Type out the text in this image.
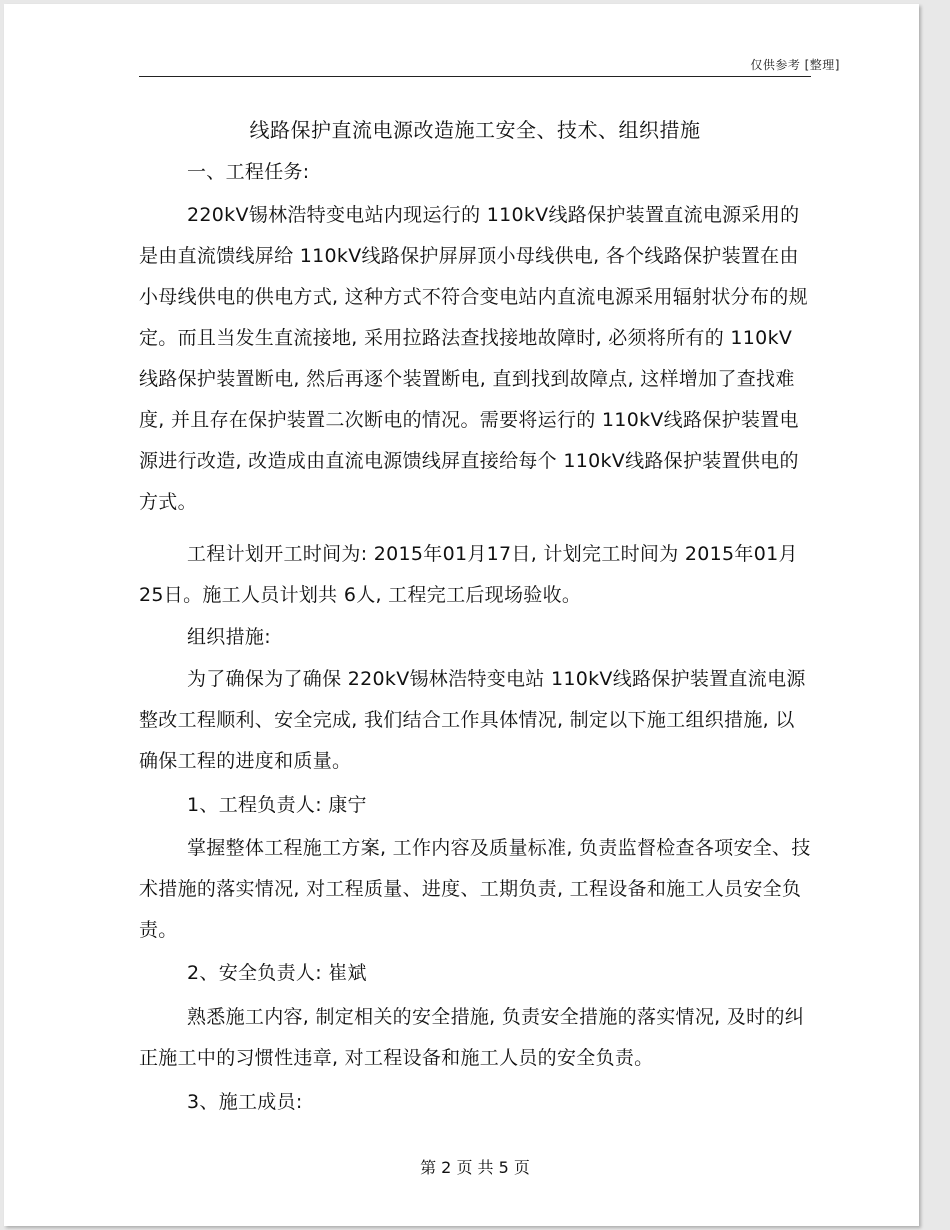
仅供参考 [整理]
线路保护直流电源改造施工安全、技术、组织措施

一、工程任务:

220kV锡林浩特变电站内现运行的 110kV线路保护装置直流电源采用的是由直流馈线屏给 110kV线路保护屏屏顶小母线供电, 各个线路保护装置在由小母线供电的供电方式, 这种方式不符合变电站内直流电源采用辐射状分布的规定。而且当发生直流接地, 采用拉路法查找接地故障时, 必须将所有的 110kV线路保护装置断电, 然后再逐个装置断电, 直到找到故障点, 这样增加了查找难度, 并且存在保护装置二次断电的情况。需要将运行的 110kV线路保护装置电源进行改造, 改造成由直流电源馈线屏直接给每个 110kV线路保护装置供电的方式。

工程计划开工时间为: 2015年01月17日, 计划完工时间为 2015年01月25日。施工人员计划共 6人, 工程完工后现场验收。

组织措施:

为了确保为了确保 220kV锡林浩特变电站 110kV线路保护装置直流电源整改工程顺利、安全完成, 我们结合工作具体情况, 制定以下施工组织措施, 以确保工程的进度和质量。

1、工程负责人: 康宁

掌握整体工程施工方案, 工作内容及质量标准, 负责监督检查各项安全、技术措施的落实情况, 对工程质量、进度、工期负责, 工程设备和施工人员安全负责。

2、安全负责人: 崔斌

熟悉施工内容, 制定相关的安全措施, 负责安全措施的落实情况, 及时的纠正施工中的习惯性违章, 对工程设备和施工人员的安全负责。

3、施工成员:

第 2 页 共 5 页
